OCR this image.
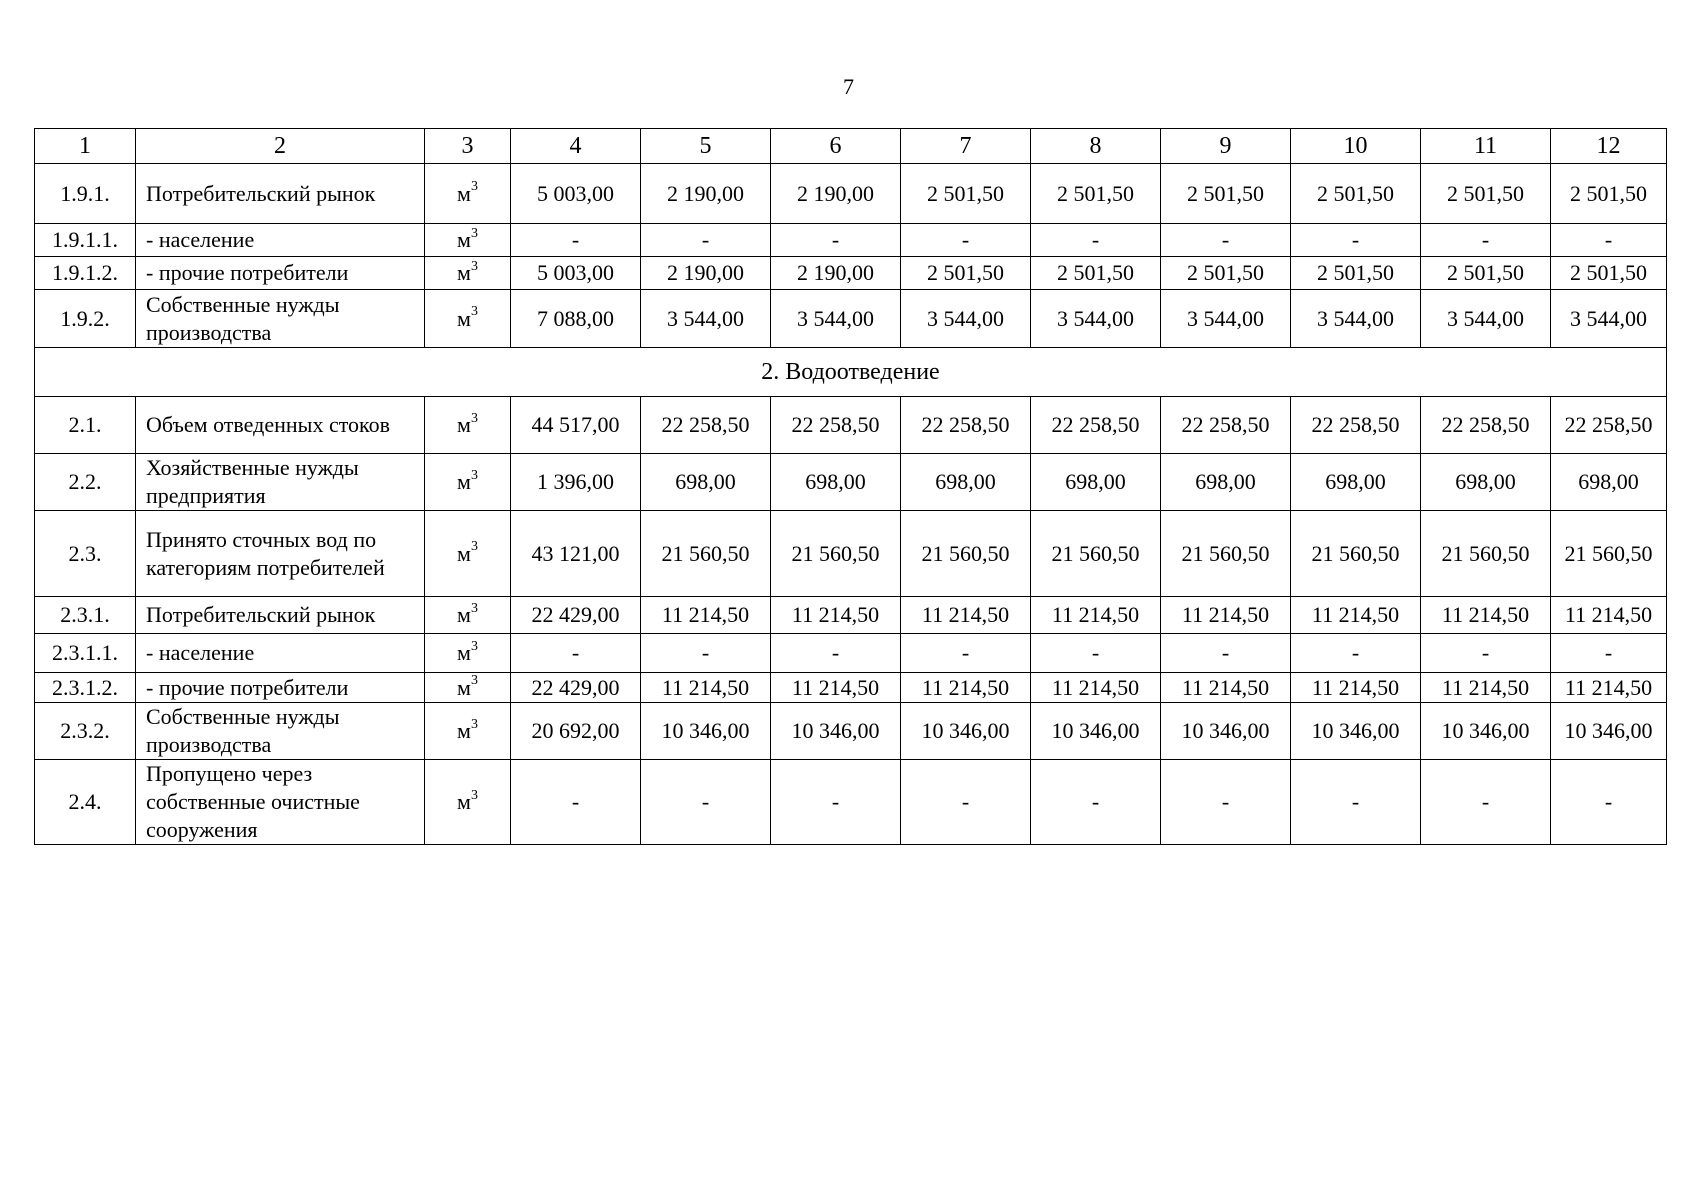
7
1	2	3	4	5	6	7	8	9	10	11	12
1.9.1.	Потребительский рынок	$м^3$	5 003,00	2 190,00	2 190,00	2 501,50	2 501,50	2 501,50	2 501,50	2 501,50	2 501,50
1.9.1.1.	- население	$м^3$	-	-	-	-	-	-	-	-	-
1.9.1.2.	- прочие потребители	$м^3$	5 003,00	2 190,00	2 190,00	2 501,50	2 501,50	2 501,50	2 501,50	2 501,50	2 501,50
1.9.2.	Собственные нужды производства	$м^3$	7 088,00	3 544,00	3 544,00	3 544,00	3 544,00	3 544,00	3 544,00	3 544,00	3 544,00
2. Водоотведение											
2.1.	Объем отведенных стоков	$м^3$	44 517,00	22 258,50	22 258,50	22 258,50	22 258,50	22 258,50	22 258,50	22 258,50	22 258,50
2.2.	Хозяйственные нужды предприятия	$м^3$	1 396,00	698,00	698,00	698,00	698,00	698,00	698,00	698,00	698,00
2.3.	Принято сточных вод по категориям потребителей	$м^3$	43 121,00	21 560,50	21 560,50	21 560,50	21 560,50	21 560,50	21 560,50	21 560,50	21 560,50
2.3.1.	Потребительский рынок	$м^3$	22 429,00	11 214,50	11 214,50	11 214,50	11 214,50	11 214,50	11 214,50	11 214,50	11 214,50
2.3.1.1.	- население	$м^3$	-	-	-	-	-	-	-	-	-
2.3.1.2.	- прочие потребители	$м^3$	22 429,00	11 214,50	11 214,50	11 214,50	11 214,50	11 214,50	11 214,50	11 214,50	11 214,50
2.3.2.	Собственные нужды производства	$м^3$	20 692,00	10 346,00	10 346,00	10 346,00	10 346,00	10 346,00	10 346,00	10 346,00	10 346,00
2.4.	Пропущено через собственные очистные сооружения	$м^3$	-	-	-	-	-	-	-	-	-
